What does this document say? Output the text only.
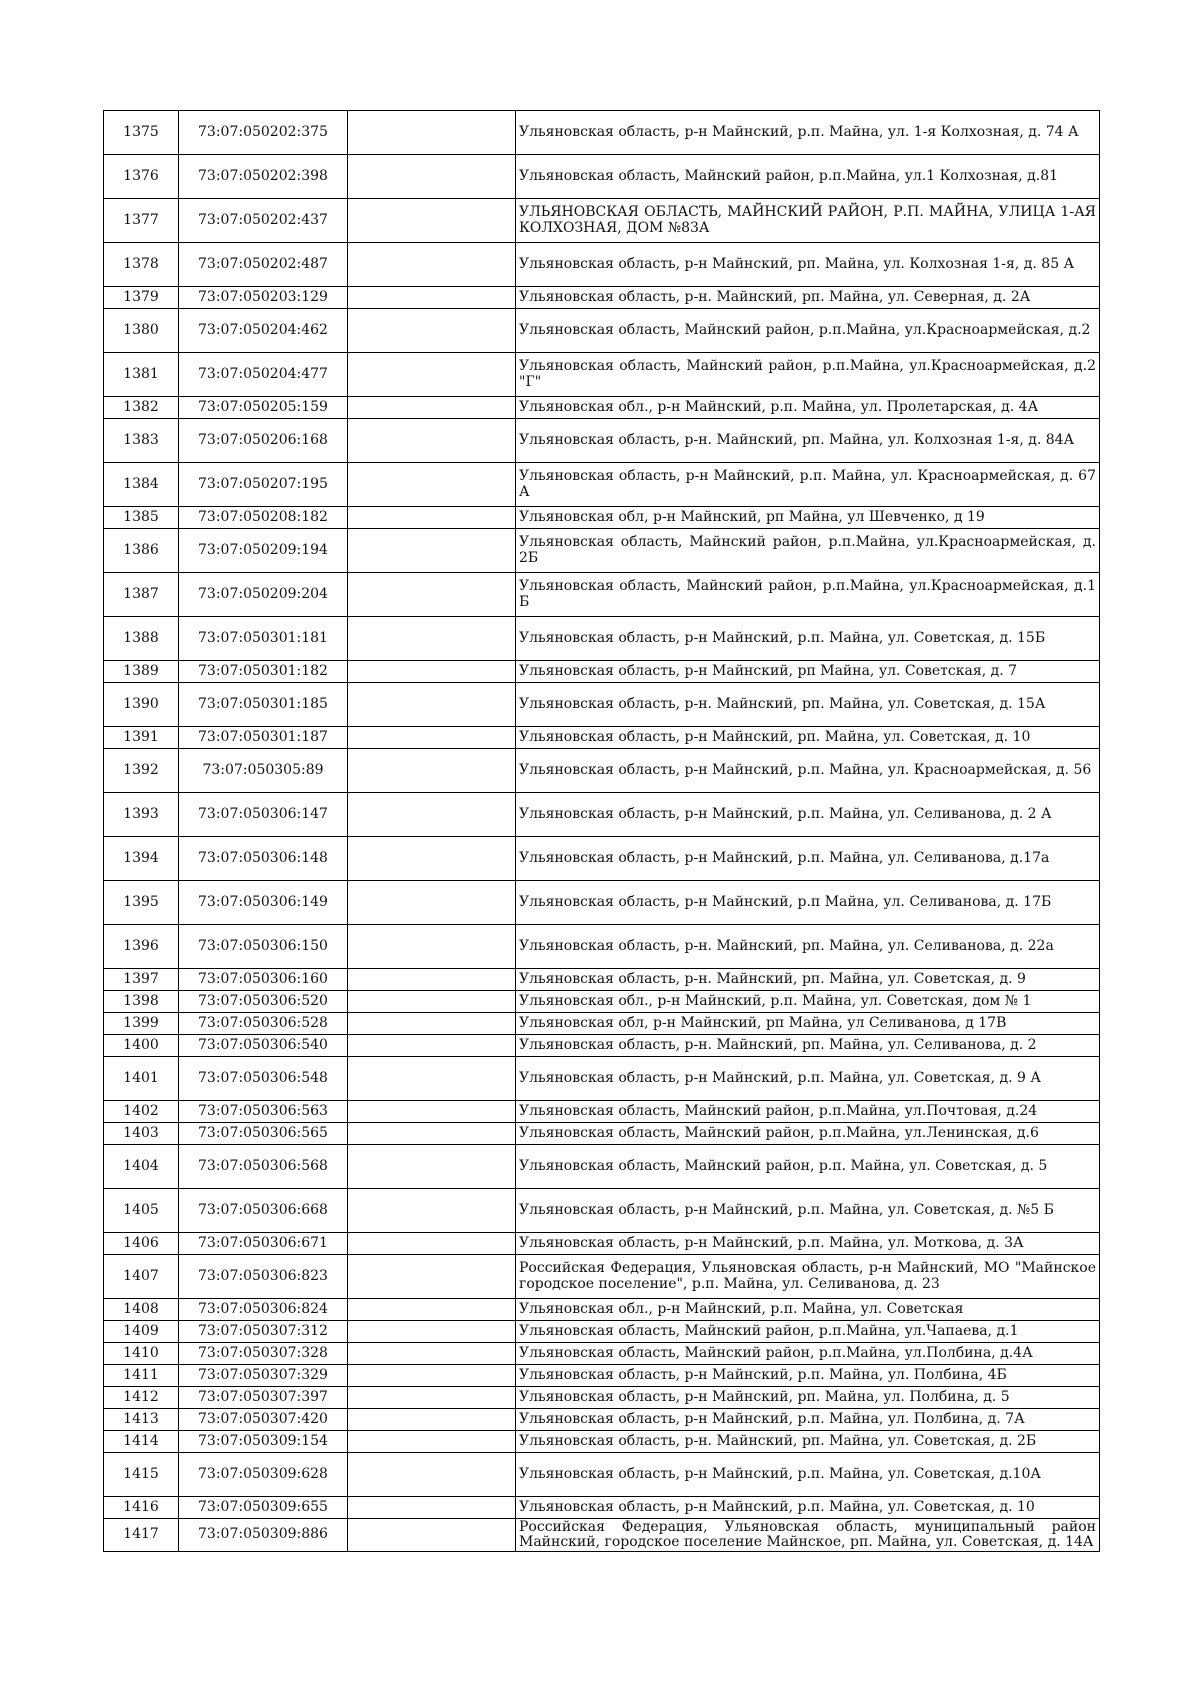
1375	73:07:050202:375		Ульяновская область, р-н Майнский, р.п. Майна, ул. 1-я Колхозная, д. 74 А
1376	73:07:050202:398		Ульяновская область, Майнский район, р.п.Майна, ул.1 Колхозная, д.81
1377	73:07:050202:437		УЛЬЯНОВСКАЯ ОБЛАСТЬ, МАЙНСКИЙ РАЙОН, Р.П. МАЙНА, УЛИЦА 1-АЯ КОЛХОЗНАЯ, ДОМ №83А
1378	73:07:050202:487		Ульяновская область, р-н Майнский, рп. Майна, ул. Колхозная 1-я, д. 85 А
1379	73:07:050203:129		Ульяновская область, р-н. Майнский, рп. Майна, ул. Северная, д. 2А
1380	73:07:050204:462		Ульяновская область, Майнский район, р.п.Майна, ул.Красноармейская, д.2
1381	73:07:050204:477		Ульяновская область, Майнский район, р.п.Майна, ул.Красноармейская, д.2 "Г"
1382	73:07:050205:159		Ульяновская обл., р-н Майнский, р.п. Майна, ул. Пролетарская, д. 4А
1383	73:07:050206:168		Ульяновская область, р-н. Майнский, рп. Майна, ул. Колхозная 1-я, д. 84А
1384	73:07:050207:195		Ульяновская область, р-н Майнский, р.п. Майна, ул. Красноармейская, д. 67 А
1385	73:07:050208:182		Ульяновская обл, р-н Майнский, рп Майна, ул Шевченко, д 19
1386	73:07:050209:194		Ульяновская область, Майнский район, р.п.Майна, ул.Красноармейская, д. 2Б
1387	73:07:050209:204		Ульяновская область, Майнский район, р.п.Майна, ул.Красноармейская, д.1 Б
1388	73:07:050301:181		Ульяновская область, р-н Майнский, р.п. Майна, ул. Советская, д. 15Б
1389	73:07:050301:182		Ульяновская область, р-н Майнский, рп Майна, ул. Советская, д. 7
1390	73:07:050301:185		Ульяновская область, р-н. Майнский, рп. Майна, ул. Советская, д. 15А
1391	73:07:050301:187		Ульяновская область, р-н Майнский, рп. Майна, ул. Советская, д. 10
1392	73:07:050305:89		Ульяновская область, р-н Майнский, р.п. Майна, ул. Красноармейская, д. 56
1393	73:07:050306:147		Ульяновская область, р-н Майнский, р.п. Майна, ул. Селиванова, д. 2 А
1394	73:07:050306:148		Ульяновская область, р-н Майнский, р.п. Майна, ул. Селиванова, д.17а
1395	73:07:050306:149		Ульяновская область, р-н Майнский, р.п Майна, ул. Селиванова, д. 17Б
1396	73:07:050306:150		Ульяновская область, р-н. Майнский, рп. Майна, ул. Селиванова, д. 22а
1397	73:07:050306:160		Ульяновская область, р-н. Майнский, рп. Майна, ул. Советская, д. 9
1398	73:07:050306:520		Ульяновская обл., р-н Майнский, р.п. Майна, ул. Советская, дом № 1
1399	73:07:050306:528		Ульяновская обл, р-н Майнский, рп Майна, ул Селиванова, д 17В
1400	73:07:050306:540		Ульяновская область, р-н. Майнский, рп. Майна, ул. Селиванова, д. 2
1401	73:07:050306:548		Ульяновская область, р-н Майнский, р.п. Майна, ул. Советская, д. 9 А
1402	73:07:050306:563		Ульяновская область, Майнский район, р.п.Майна, ул.Почтовая, д.24
1403	73:07:050306:565		Ульяновская область, Майнский район, р.п.Майна, ул.Ленинская, д.6
1404	73:07:050306:568		Ульяновская область, Майнский район, р.п. Майна, ул. Советская, д. 5
1405	73:07:050306:668		Ульяновская область, р-н Майнский, р.п. Майна, ул. Советская, д. №5 Б
1406	73:07:050306:671		Ульяновская область, р-н Майнский, р.п. Майна, ул. Моткова, д. 3А
1407	73:07:050306:823		Российская Федерация, Ульяновская область, р-н Майнский, МО "Майнское городское поселение", р.п. Майна, ул. Селиванова, д. 23
1408	73:07:050306:824		Ульяновская обл., р-н Майнский, р.п. Майна, ул. Советская
1409	73:07:050307:312		Ульяновская область, Майнский район, р.п.Майна, ул.Чапаева, д.1
1410	73:07:050307:328		Ульяновская область, Майнский район, р.п.Майна, ул.Полбина, д.4А
1411	73:07:050307:329		Ульяновская область, р-н Майнский, р.п. Майна, ул. Полбина, 4Б
1412	73:07:050307:397		Ульяновская область, р-н Майнский, рп. Майна, ул. Полбина, д. 5
1413	73:07:050307:420		Ульяновская область, р-н Майнский, р.п. Майна, ул. Полбина, д. 7А
1414	73:07:050309:154		Ульяновская область, р-н. Майнский, рп. Майна, ул. Советская, д. 2Б
1415	73:07:050309:628		Ульяновская область, р-н Майнский, р.п. Майна, ул. Советская, д.10А
1416	73:07:050309:655		Ульяновская область, р-н Майнский, р.п. Майна, ул. Советская, д. 10
1417	73:07:050309:886		Российская Федерация, Ульяновская область, муниципальный район Майнский, городское поселение Майнское, рп. Майна, ул. Советская, д. 14А
